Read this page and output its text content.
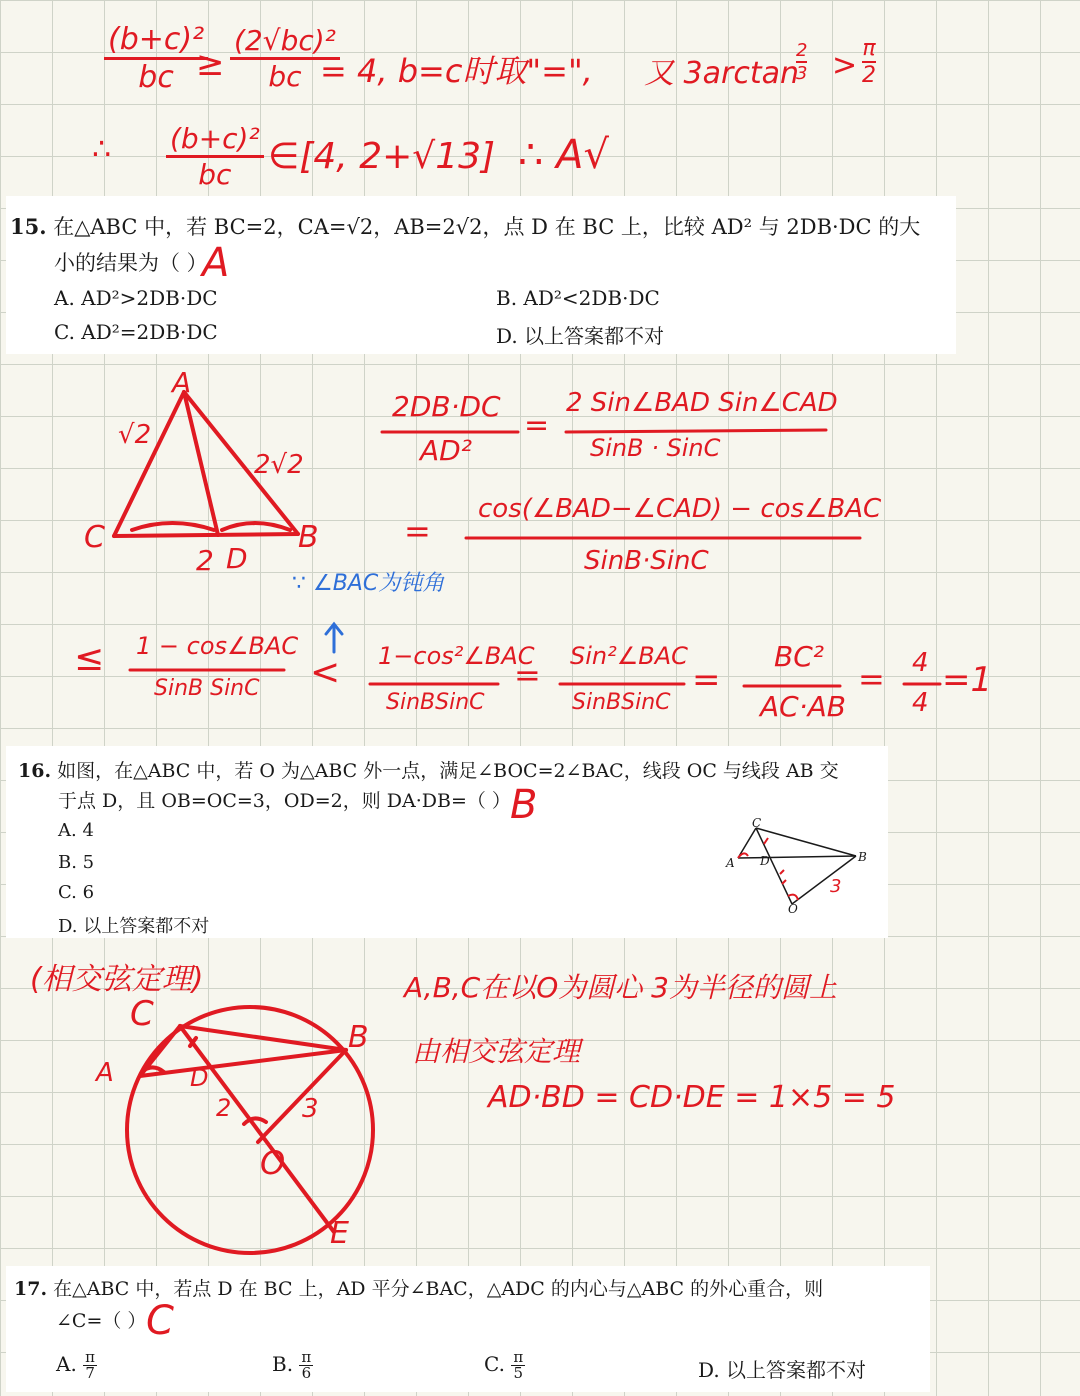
$\frac{\text{(b+c)²}}{bc}$
≥ $\frac{\text{(2√bc)²}}{bc}$
= 4, b=c时取"=", 又 3arctan
$\frac{2}{3} > \frac{\pi}{2}$
∴ $\frac{\text{(b+c)²}}{bc}$ ∈[4, 2+√13] ∴ A√
15. 在△ABC 中，若 BC=2，CA=√2，AB=2√2，点 D 在 BC 上，比较 AD² 与 2DB·DC 的大
小的结果为（ ）
A
A. AD²>2DB·DC	B. AD²<2DB·DC
C. AD²=2DB·DC	D. 以上答案都不对
A
B
C
D
√2
2√2
2
2DB·DC
AD²
=
2 Sin∠BAD Sin∠CAD
SinB · SinC
=
cos(∠BAD−∠CAD) − cos∠BAC
SinB·SinC
∵ ∠BAC为钝角
≤ 1 − cos∠BAC
SinB SinC < 1−cos²∠BAC
SinBSinC
= Sin²∠BAC
SinBSinC
=
BC²
AC·AB
= 4
4
=1
16. 如图，在△ABC 中，若 O 为△ABC 外一点，满足∠BOC=2∠BAC，线段 OC 与线段 AB 交
于点 D，且 OB=OC=3，OD=2，则 DA·DB=（ ） B
A. 4
B. 5
C. 6
D. 以上答案都不对
C
A D	B
O
3
(相交弦定理)
C
A
B
D
O
E
2	3
A,B,C在以O为圆心 3为半径的圆上
由相交弦定理
AD·BD = CD·DE = 1×5 = 5
17. 在△ABC 中，若点 D 在 BC 上，AD 平分∠BAC，△ADC 的内心与△ABC 的外心重合，则
∠C=（ ） C
A. $\frac{\pi}{7}$	B. $\frac{\pi}{6}$	C. $\frac{\pi}{5}$	D. 以上答案都不对
